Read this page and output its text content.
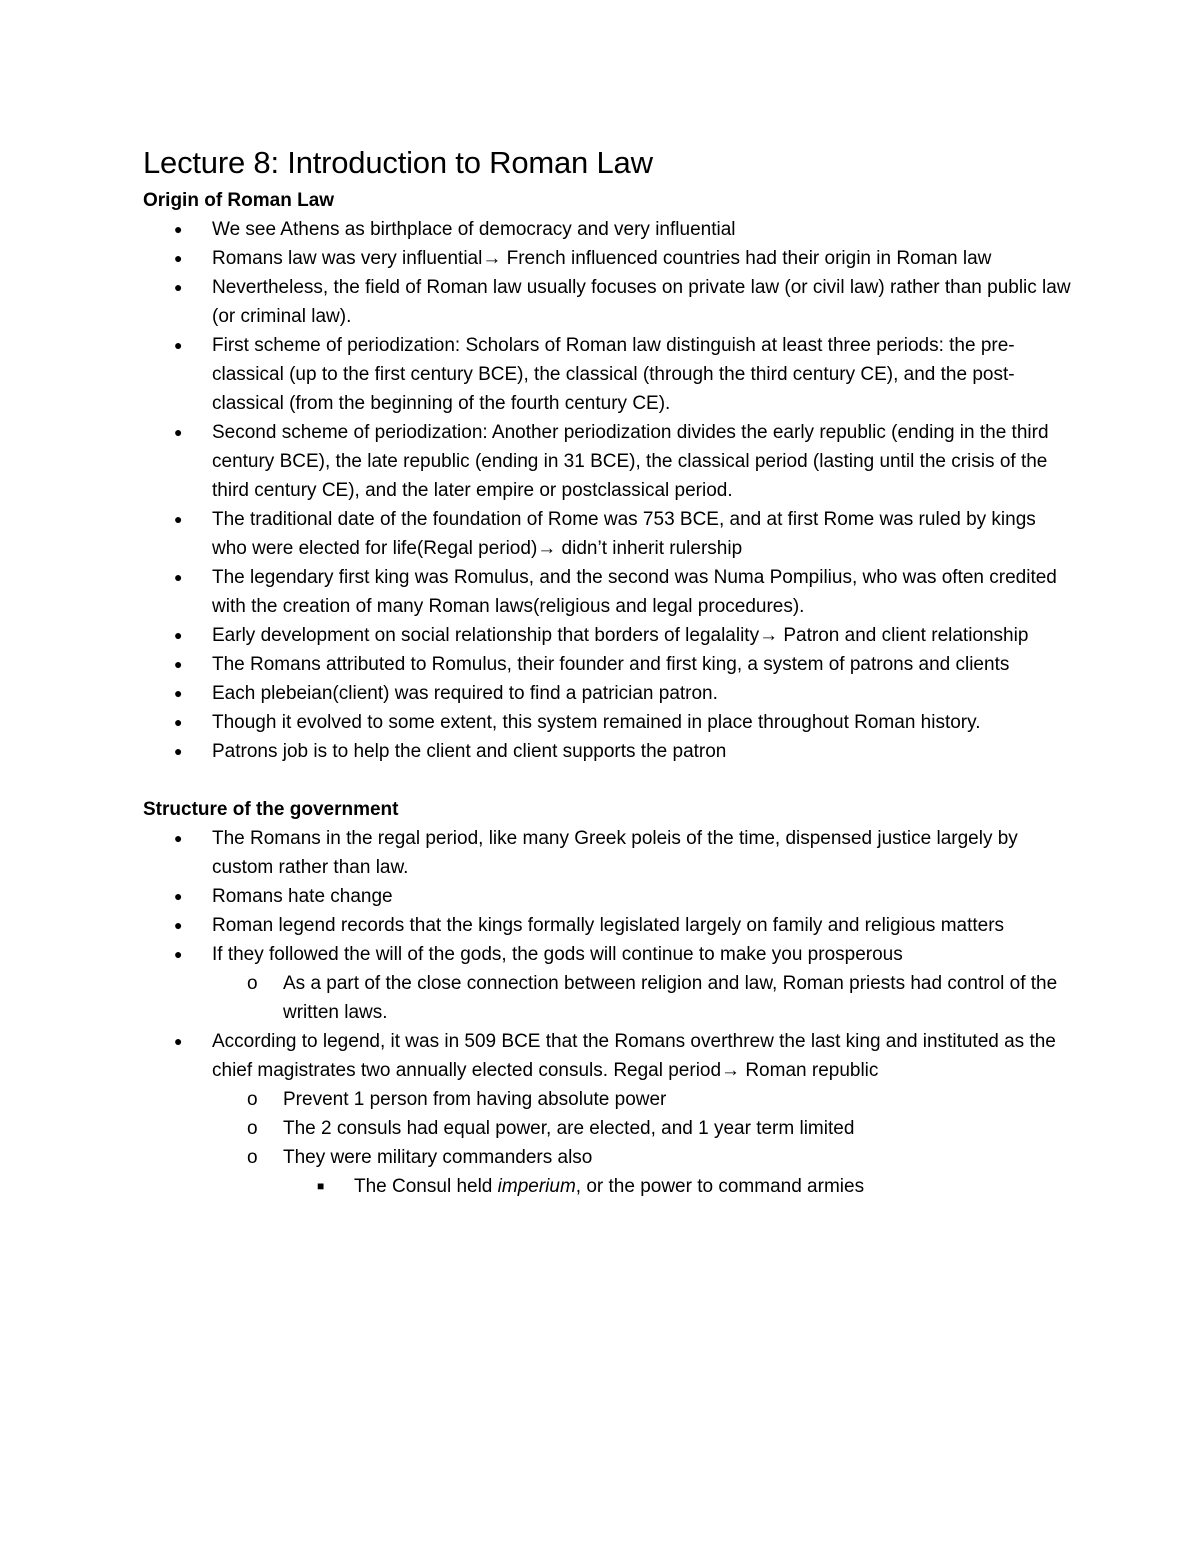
Lecture 8: Introduction to Roman Law
Origin of Roman Law
● We see Athens as birthplace of democracy and very influential
● Romans law was very influential→ French influenced countries had their origin in Roman law
● Nevertheless, the field of Roman law usually focuses on private law (or civil law) rather than public law (or criminal law).
● First scheme of periodization: Scholars of Roman law distinguish at least three periods: the pre-classical (up to the first century BCE), the classical (through the third century CE), and the post-classical (from the beginning of the fourth century CE).
● Second scheme of periodization: Another periodization divides the early republic (ending in the third century BCE), the late republic (ending in 31 BCE), the classical period (lasting until the crisis of the third century CE), and the later empire or postclassical period.
● The traditional date of the foundation of Rome was 753 BCE, and at first Rome was ruled by kings who were elected for life(Regal period)→ didn’t inherit rulership
● The legendary first king was Romulus, and the second was Numa Pompilius, who was often credited with the creation of many Roman laws(religious and legal procedures).
● Early development on social relationship that borders of legalality→ Patron and client relationship
● The Romans attributed to Romulus, their founder and first king, a system of patrons and clients
● Each plebeian(client) was required to find a patrician patron.
● Though it evolved to some extent, this system remained in place throughout Roman history.
● Patrons job is to help the client and client supports the patron
Structure of the government
● The Romans in the regal period, like many Greek poleis of the time, dispensed justice largely by custom rather than law.
● Romans hate change
● Roman legend records that the kings formally legislated largely on family and religious matters
● If they followed the will of the gods, the gods will continue to make you prosperous
o As a part of the close connection between religion and law, Roman priests had control of the written laws.
● According to legend, it was in 509 BCE that the Romans overthrew the last king and instituted as the chief magistrates two annually elected consuls. Regal period→ Roman republic
o Prevent 1 person from having absolute power
o The 2 consuls had equal power, are elected, and 1 year term limited
o They were military commanders also
■ The Consul held imperium, or the power to command armies
